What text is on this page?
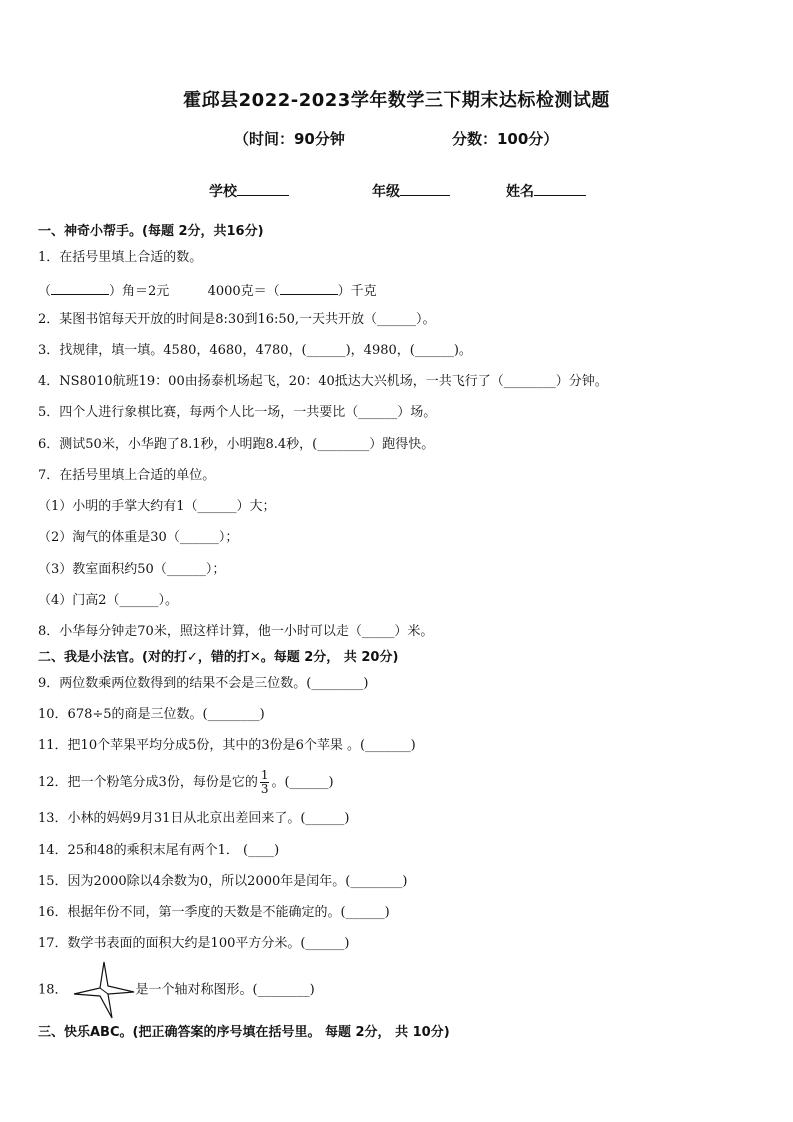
霍邱县2022-2023学年数学三下期末达标检测试题
（时间：90分钟	分数：100分）
学校	年级	姓名
一、神奇小帮手。(每题 2分，共16分)
1．在括号里填上合适的数。
（	）角＝2元	4000克＝（	）千克
2．某图书馆每天开放的时间是8:30到16:50,一天共开放（______）。
3．找规律，填一填。4580，4680，4780，(______)，4980，(______)。
4．NS8010航班19：00由扬泰机场起飞，20：40抵达大兴机场，一共飞行了（________）分钟。
5．四个人进行象棋比赛，每两个人比一场，一共要比（______）场。
6．测试50米，小华跑了8.1秒，小明跑8.4秒，(________）跑得快。
7．在括号里填上合适的单位。
（1）小明的手掌大约有1（______）大；
（2）淘气的体重是30（______）；
（3）教室面积约50（______）；
（4）门高2（______）。
8．小华每分钟走70米，照这样计算，他一小时可以走（_____）米。
二、我是小法官。(对的打✓，错的打✕。每题 2分， 共 20分)
9．两位数乘两位数得到的结果不会是三位数。(________)
10．678÷5的商是三位数。(________)
11．把10个苹果平均分成5份，其中的3份是6个苹果 。(_______)
12．把一个粉笔分成3份，每份是它的 $\frac{1}{3}$ 。(______)
13．小林的妈妈9月31日从北京出差回来了。(______)
14．25和48的乘积末尾有两个1． (____)
15．因为2000除以4余数为0，所以2000年是闰年。(________)
16．根据年份不同，第一季度的天数是不能确定的。(______)
17．数学书表面的面积大约是100平方分米。(______)
18．	是一个轴对称图形。(________)
三、快乐ABC。(把正确答案的序号填在括号里。 每题 2分， 共 10分)
